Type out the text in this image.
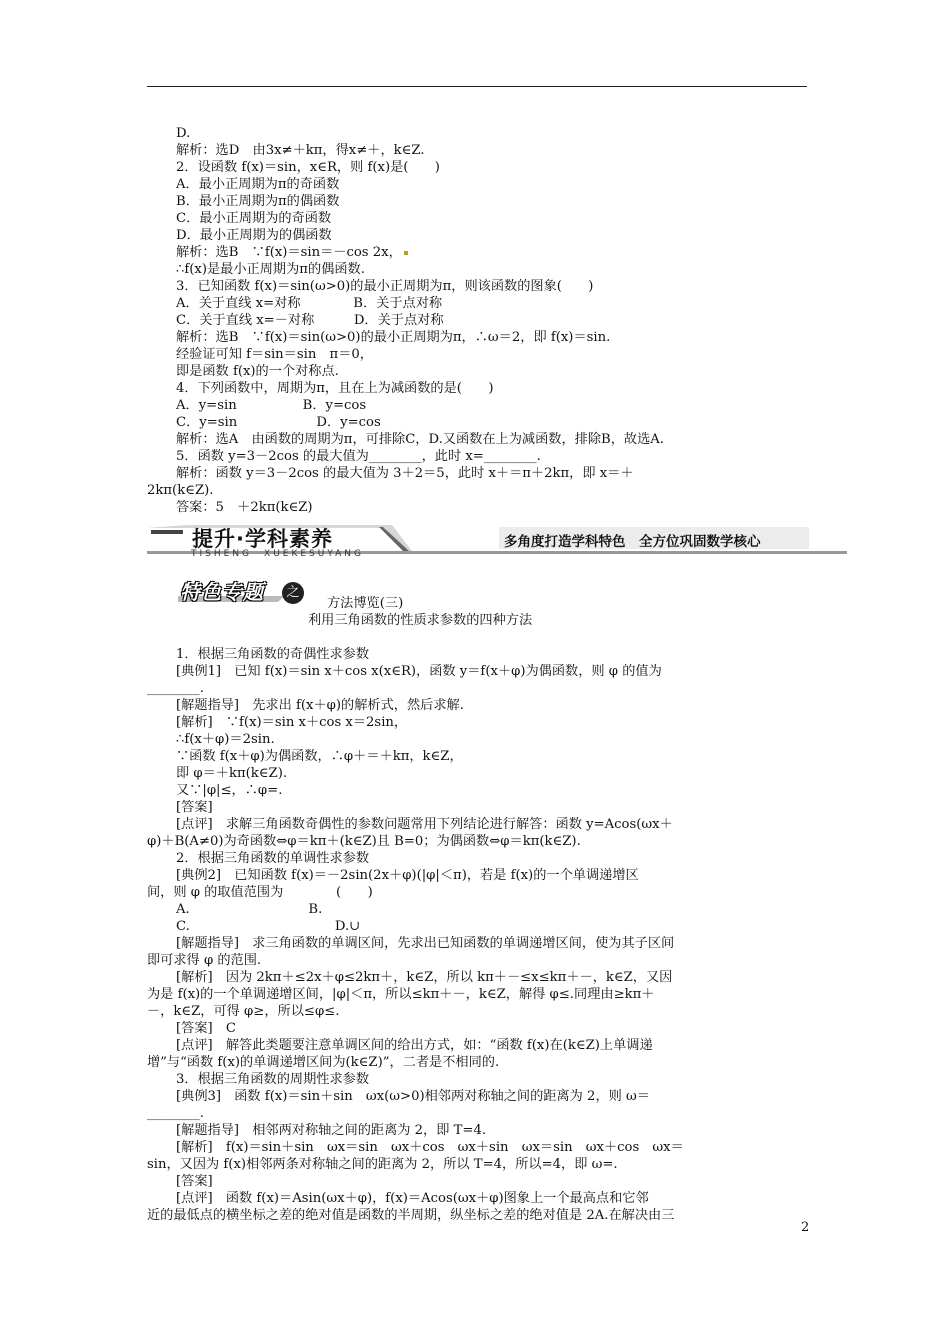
D.
解析：选D　由3x≠＋kπ，得x≠＋，k∈Z.
2．设函数 f(x)＝sin，x∈R，则 f(x)是(　　)
A．最小正周期为π的奇函数
B．最小正周期为π的偶函数
C．最小正周期为的奇函数
D．最小正周期为的偶函数
解析：选B　∵f(x)＝sin＝－cos 2x，
∴f(x)是最小正周期为π的偶函数.
3．已知函数 f(x)＝sin(ω>0)的最小正周期为π，则该函数的图象(　　)
A．关于直线 x=对称　　　　B．关于点对称
C．关于直线 x=－对称　　　D．关于点对称
解析：选B　∵f(x)＝sin(ω>0)的最小正周期为π，∴ω＝2，即 f(x)＝sin.
经验证可知 f＝sin＝sin　π＝0，
即是函数 f(x)的一个对称点.
4．下列函数中，周期为π，且在上为减函数的是(　　)
A．y=sin　　　　　B．y=cos
C．y=sin　　　　　　D．y=cos
解析：选A　由函数的周期为π，可排除C，D.又函数在上为减函数，排除B，故选A.
5．函数 y=3－2cos 的最大值为________，此时 x=________.
解析：函数 y＝3－2cos 的最大值为 3＋2＝5，此时 x＋＝π＋2kπ，即 x＝＋
2kπ(k∈Z).
答案：5　＋2kπ(k∈Z)
提升·学科素养
TISHENG　XUEKESUYANG
多角度打造学科特色　全方位巩固数学核心
特色专题	之
方法博览(三)
利用三角函数的性质求参数的四种方法
1．根据三角函数的奇偶性求参数
[典例1]　已知 f(x)＝sin x＋cos x(x∈R)，函数 y＝f(x＋φ)为偶函数，则 φ 的值为
________.
[解题指导]　先求出 f(x＋φ)的解析式，然后求解.
[解析]　∵f(x)＝sin x＋cos x＝2sin，
∴f(x＋φ)＝2sin.
∵函数 f(x＋φ)为偶函数，∴φ＋＝＋kπ，k∈Z，
即 φ＝＋kπ(k∈Z).
又∵|φ|≤，∴φ=.
[答案]
[点评]　求解三角函数奇偶性的参数问题常用下列结论进行解答：函数 y=Acos(ωx＋
φ)＋B(A≠0)为奇函数⇔φ＝kπ＋(k∈Z)且 B=0；为偶函数⇔φ＝kπ(k∈Z).
2．根据三角函数的单调性求参数
[典例2]　已知函数 f(x)＝－2sin(2x＋φ)(|φ|＜π)，若是 f(x)的一个单调递增区
间，则 φ 的取值范围为　　　　(　　)
A.　　　　　　　　　B.
C.　　　　　　　　　　　D.∪
[解题指导]　求三角函数的单调区间，先求出已知函数的单调递增区间，使为其子区间
即可求得 φ 的范围.
[解析]　因为 2kπ＋≤2x＋φ≤2kπ＋，k∈Z，所以 kπ＋－≤x≤kπ＋－，k∈Z，又因
为是 f(x)的一个单调递增区间，|φ|＜π，所以≤kπ＋－，k∈Z，解得 φ≤.同理由≥kπ＋
－，k∈Z，可得 φ≥，所以≤φ≤.
[答案]　C
[点评]　解答此类题要注意单调区间的给出方式，如：“函数 f(x)在(k∈Z)上单调递
增”与“函数 f(x)的单调递增区间为(k∈Z)”，二者是不相同的.
3．根据三角函数的周期性求参数
[典例3]　函数 f(x)＝sin＋sin　ωx(ω>0)相邻两对称轴之间的距离为 2，则 ω＝
________.
[解题指导]　相邻两对称轴之间的距离为 2，即 T=4.
[解析]　f(x)＝sin＋sin　ωx＝sin　ωx＋cos　ωx＋sin　ωx＝sin　ωx＋cos　ωx＝
sin，又因为 f(x)相邻两条对称轴之间的距离为 2，所以 T=4，所以=4，即 ω=.
[答案]
[点评]　函数 f(x)＝Asin(ωx＋φ)，f(x)＝Acos(ωx＋φ)图象上一个最高点和它邻
近的最低点的横坐标之差的绝对值是函数的半周期，纵坐标之差的绝对值是 2A.在解决由三
2
